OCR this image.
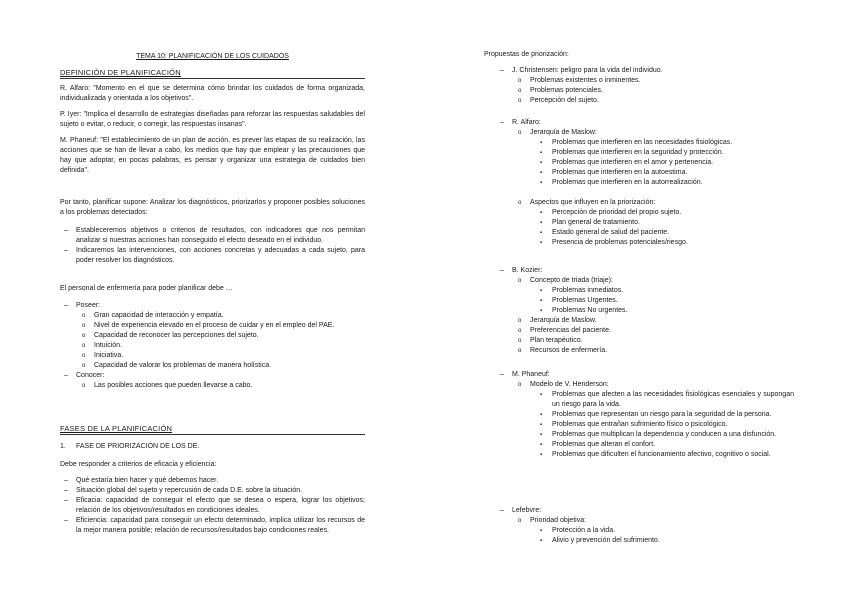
TEMA 10: PLANIFICACIÓN DE LOS CUIDADOS
DEFINICIÓN DE PLANIFICACIÓN
R. Alfaro: "Momento en el que se determina cómo brindar los cuidados de forma organizada, individualizada y orientada a los objetivos".
P. Iyer: "Implica el desarrollo de estrategias diseñadas para reforzar las respuestas saludables del sujeto o evitar, o reducir, o corregir, las respuestas insanas".
M. Phaneuf: "El establecimiento de un plan de acción, es prever las etapas de su realización, las acciones que se han de llevar a cabo, los medios que hay que emplear y las precauciones que hay que adoptar, en pocas palabras, es pensar y organizar una estrategia de cuidados bien definida".
Por tanto, planificar supone: Analizar los diagnósticos, priorizarlos y proponer posibles soluciones a los problemas detectados:
– Estableceremos objetivos o criterios de resultados, con indicadores que nos permitan analizar si nuestras acciones han conseguido el efecto deseado en el individuo.
– Indicaremos las intervenciones, con acciones concretas y adecuadas a cada sujeto, para poder resolver los diagnósticos.
El personal de enfermería para poder planificar debe …
– Poseer:
o Gran capacidad de interacción y empatía.
o Nivel de experiencia elevado en el proceso de cuidar y en el empleo del PAE.
o Capacidad de reconocer las percepciones del sujeto.
o Intuición.
o Iniciativa.
o Capacidad de valorar los problemas de manera holística.
– Conocer:
o Las posibles acciones que pueden llevarse a cabo.
FASES DE LA PLANIFICACIÓN
1. FASE DE PRIORIZACIÓN DE LOS DE.
Debe responder a criterios de eficacia y eficiencia:
– Qué estaría bien hacer y qué debemos hacer.
– Situación global del sujeto y repercusión de cada D.E. sobre la situación.
– Eficacia: capacidad de conseguir el efecto que se desea o espera, lograr los objetivos; relación de los objetivos/resultados en condiciones ideales.
– Eficiencia: capacidad para conseguir un efecto determinado, implica utilizar los recursos de la mejor manera posible; relación de recursos/resultados bajo condiciones reales.
Propuestas de priorización:
– J. Christensen: peligro para la vida del individuo.
o Problemas existentes o inminentes.
o Problemas potenciales.
o Percepción del sujeto.
– R. Alfaro:
o Jerarquía de Maslow:
▪ Problemas que interfieren en las necesidades fisiológicas.
▪ Problemas que interfieren en la seguridad y protección.
▪ Problemas que interfieren en el amor y pertenencia.
▪ Problemas que interfieren en la autoestima.
▪ Problemas que interfieren en la autorrealización.
o Aspectos que influyen en la priorización:
▪ Percepción de prioridad del propio sujeto.
▪ Plan general de tratamiento.
▪ Estado general de salud del paciente.
▪ Presencia de problemas potenciales/riesgo.
– B. Kozier:
o Concepto de triada (triaje):
▪ Problemas inmediatos.
▪ Problemas Urgentes.
▪ Problemas No urgentes.
o Jerarquía de Maslow.
o Preferencias del paciente.
o Plan terapéutico.
o Recursos de enfermería.
– M. Phaneuf:
o Modelo de V. Henderson:
▪ Problemas que afecten a las necesidades fisiológicas esenciales y supongan un riesgo para la vida.
▪ Problemas que representan un riesgo para la seguridad de la persona.
▪ Problemas que entrañan sufrimiento físico o psicológico.
▪ Problemas que multiplican la dependencia y conducen a una disfunción.
▪ Problemas que alteran el confort.
▪ Problemas que dificulten el funcionamiento afectivo, cognitivo o social.
– Lefebvre:
o Prioridad objetiva:
▪ Protección a la vida.
▪ Alivio y prevención del sufrimiento.
